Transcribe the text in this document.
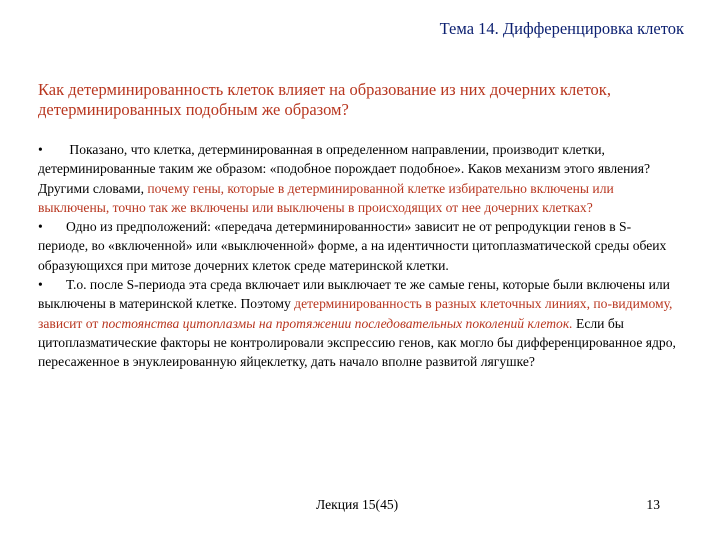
Тема 14. Дифференцировка клеток
Как детерминированность клеток влияет на образование из них дочерних клеток, детерминированных подобным же образом?

• Показано, что клетка, детерминированная в определенном направлении, производит клетки, детерминированные таким же образом: «подобное порождает подобное». Каков механизм этого явления? Другими словами, почему гены, которые в детерминированной клетке избирательно включены или выключены, точно так же включены или выключены в происходящих от нее дочерних клетках?

• Одно из предположений: «передача детерминированности» зависит не от репродукции генов в S-периоде, во «включенной» или «выключенной» форме, а на идентичности цитоплазматической среды обеих образующихся при митозе дочерних клеток среде материнской клетки.

• Т.о. после S-периода эта среда включает или выключает те же самые гены, которые были включены или выключены в материнской клетке. Поэтому детерминированность в разных клеточных линиях, по-видимому, зависит от постоянства цитоплазмы на протяжении последовательных поколений клеток. Если бы цитоплазматические факторы не контролировали экспрессию генов, как могло бы дифференцированное ядро, пересаженное в энуклеированную яйцеклетку, дать начало вполне развитой лягушке?

Лекция 15(45)	13
